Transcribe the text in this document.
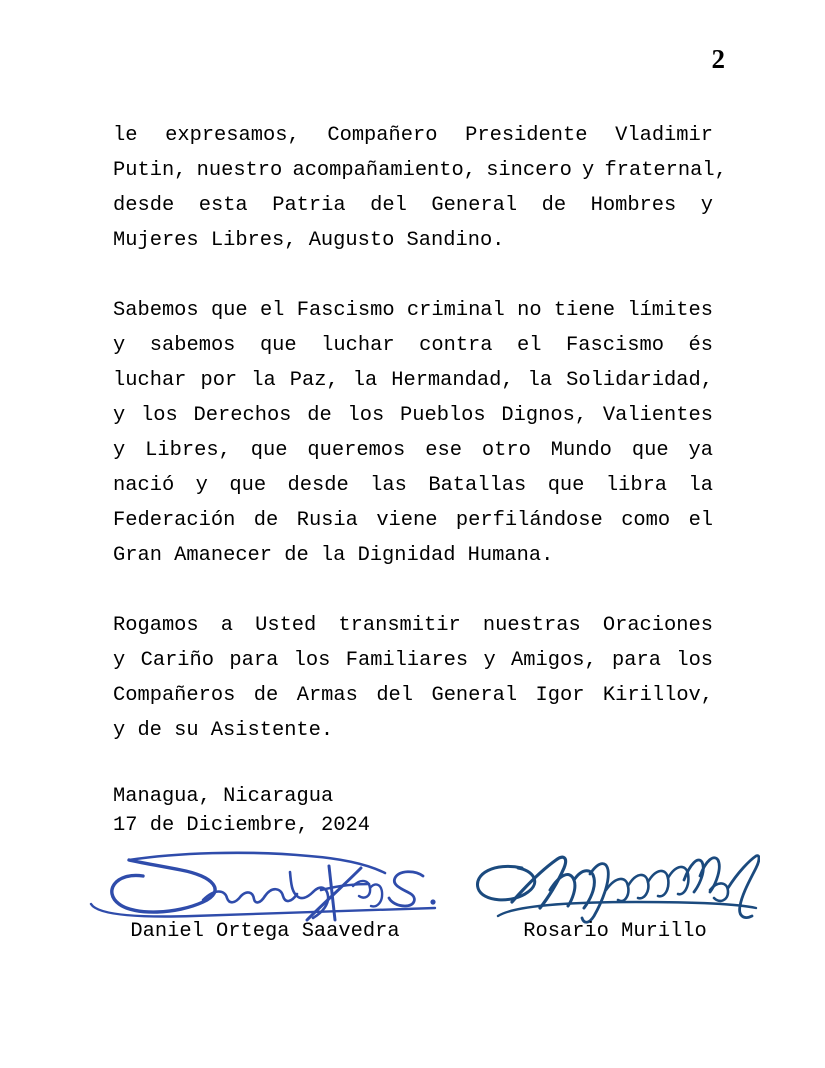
2
le expresamos, Compañero Presidente Vladimir
Putin, nuestro acompañamiento, sincero y fraternal,
desde esta Patria del General de Hombres y
Mujeres Libres, Augusto Sandino.
Sabemos que el Fascismo criminal no tiene límites
y sabemos que luchar contra el Fascismo és
luchar por la Paz, la Hermandad, la Solidaridad,
y los Derechos de los Pueblos Dignos, Valientes
y Libres, que queremos ese otro Mundo que ya
nació y que desde las Batallas que libra la
Federación de Rusia viene perfilándose como el
Gran Amanecer de la Dignidad Humana.
Rogamos a Usted transmitir nuestras Oraciones
y Cariño para los Familiares y Amigos, para los
Compañeros de Armas del General Igor Kirillov,
y de su Asistente.
Managua, Nicaragua
17 de Diciembre, 2024
Daniel Ortega Saavedra	Rosario Murillo
